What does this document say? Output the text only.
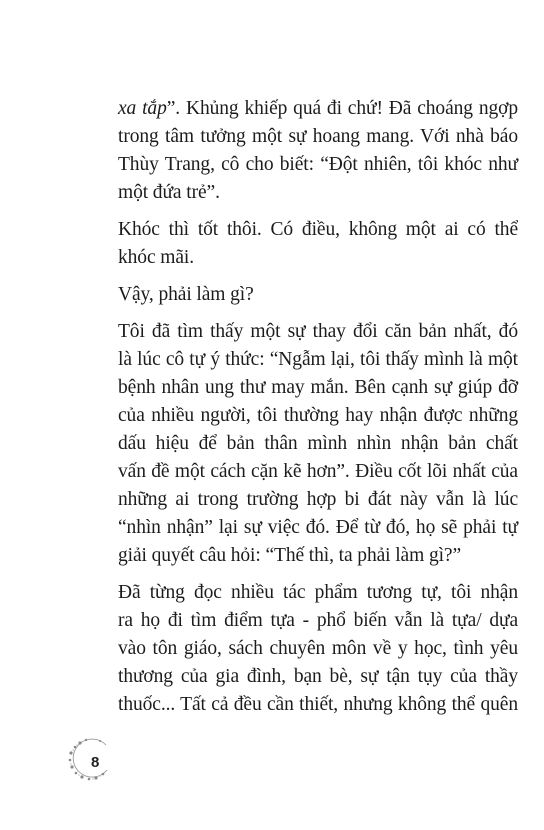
xa tắp”. Khủng khiếp quá đi chứ! Đã choáng ngợp
trong tâm tưởng một sự hoang mang. Với nhà báo
Thùy Trang, cô cho biết: “Đột nhiên, tôi khóc như
một đứa trẻ”.
Khóc thì tốt thôi. Có điều, không một ai có thể
khóc mãi.
Vậy, phải làm gì?
Tôi đã tìm thấy một sự thay đổi căn bản nhất, đó
là lúc cô tự ý thức: “Ngẫm lại, tôi thấy mình là một
bệnh nhân ung thư may mắn. Bên cạnh sự giúp đỡ
của nhiều người, tôi thường hay nhận được những
dấu hiệu để bản thân mình nhìn nhận bản chất
vấn đề một cách cặn kẽ hơn”. Điều cốt lõi nhất của
những ai trong trường hợp bi đát này vẫn là lúc
“nhìn nhận” lại sự việc đó. Để từ đó, họ sẽ phải tự
giải quyết câu hỏi: “Thế thì, ta phải làm gì?”
Đã từng đọc nhiều tác phẩm tương tự, tôi nhận
ra họ đi tìm điểm tựa - phổ biến vẫn là tựa/ dựa
vào tôn giáo, sách chuyên môn về y học, tình yêu
thương của gia đình, bạn bè, sự tận tụy của thầy
thuốc... Tất cả đều cần thiết, nhưng không thể quên
8
